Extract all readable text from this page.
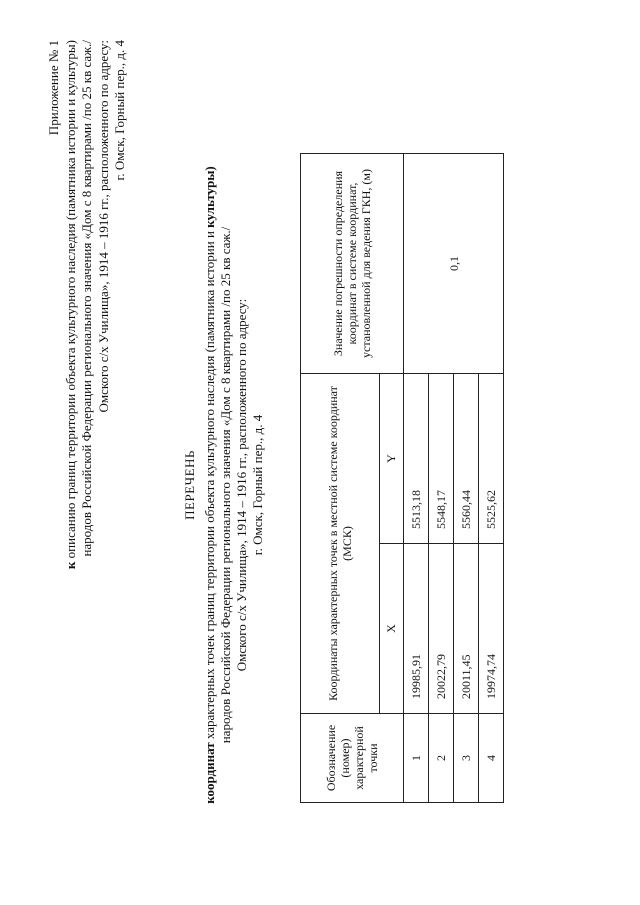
Приложение № 1
к описанию границ территории объекта культурного наследия (памятника истории и культуры) народов Российской Федерации регионального значения «Дом с 8 квартирами /по 25 кв саж./ Омского с/х Училища», 1914 – 1916 гг., расположенного по адресу: г. Омск, Горный пер., д. 4
ПЕРЕЧЕНЬ
координат характерных точек границ территории объекта культурного наследия (памятника истории и культуры)
народов Российской Федерации регионального значения «Дом с 8 квартирами /по 25 кв саж./ Омского с/х Училища», 1914 – 1916 гг., расположенного по адресу: г. Омск, Горный пер., д. 4
Обозначение (номер) характерной точки	Координаты характерных точек в местной системе координат (МСК)		Значение погрешности определения координат в системе координат, установленной для ведения ГКН, (м)
	X	Y	
1	19985,91	5513,18	0,1
2	20022,79	5548,17	
3	20011,45	5560,44	
4	19974,74	5525,62	
